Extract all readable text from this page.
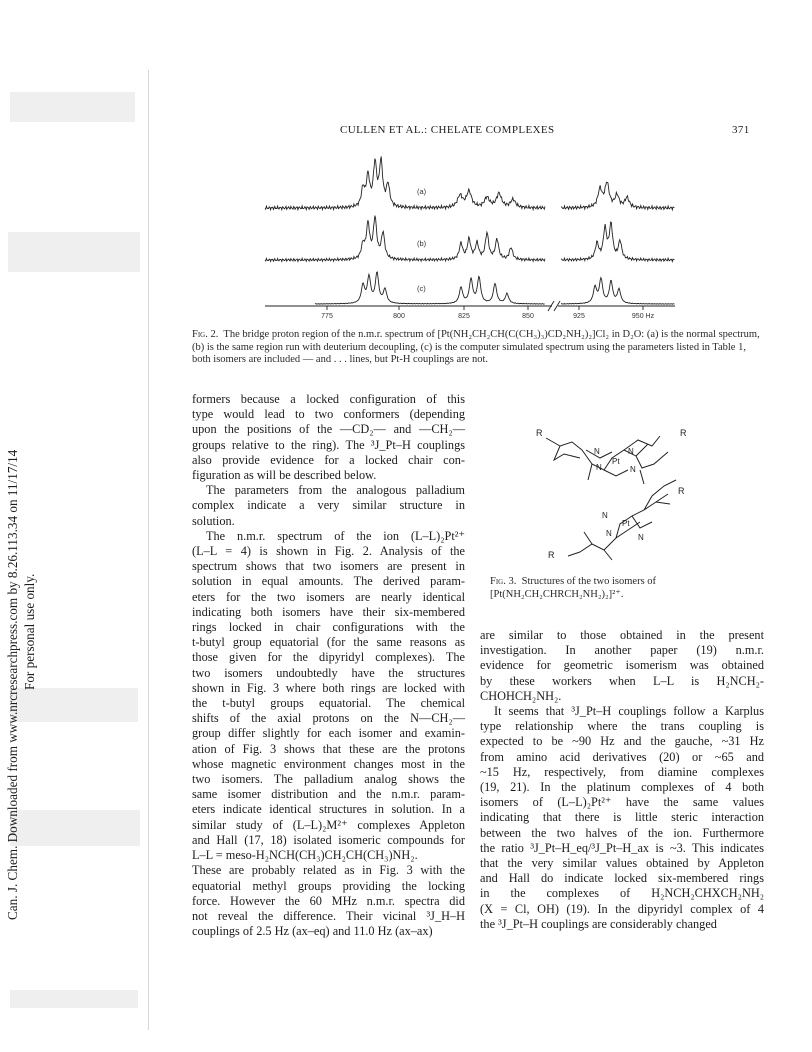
Can. J. Chem. Downloaded from www.nrcresearchpress.com by 8.26.113.34 on 11/17/14 For personal use only.
CULLEN ET AL.: CHELATE COMPLEXES	371
(a)
(b)
(c)
775	800	825	850	925	950 Hz
Fig. 2. The bridge proton region of the n.m.r. spectrum of [Pt(NH₂CH₂CH(C(CH₃)₃)CD₂NH₂)₂]Cl₂ in D₂O: (a) is the normal spectrum, (b) is the same region run with deuterium decoupling, (c) is the computer simulated spectrum using the parameters listed in Table 1, both isomers are included — and . . . lines, but Pt-H couplings are not.
formers because a locked configuration of this
type would lead to two conformers (depending
upon the positions of the —CD₂— and —CH₂—
groups relative to the ring). The ³J_Pt–H couplings
also provide evidence for a locked chair con-
figuration as will be described below.
The parameters from the analogous palladium
complex indicate a very similar structure in
solution.
The n.m.r. spectrum of the ion (L–L)₂Pt²⁺
(L–L = 4) is shown in Fig. 2. Analysis of the
spectrum shows that two isomers are present in
solution in equal amounts. The derived param-
eters for the two isomers are nearly identical
indicating both isomers have their six-membered
rings locked in chair configurations with the
t-butyl group equatorial (for the same reasons as
those given for the dipyridyl complexes). The
two isomers undoubtedly have the structures
shown in Fig. 3 where both rings are locked with
the t-butyl groups equatorial. The chemical
shifts of the axial protons on the N—CH₂—
group differ slightly for each isomer and examin-
ation of Fig. 3 shows that these are the protons
whose magnetic environment changes most in the
two isomers. The palladium analog shows the
same isomer distribution and the n.m.r. param-
eters indicate identical structures in solution. In a
similar study of (L–L)₂M²⁺ complexes Appleton
and Hall (17, 18) isolated isomeric compounds for
L–L = meso-H₂NCH(CH₃)CH₂CH(CH₃)NH₂.
These are probably related as in Fig. 3 with the
equatorial methyl groups providing the locking
force. However the 60 MHz n.m.r. spectra did
not reveal the difference. Their vicinal ³J_H–H
couplings of 2.5 Hz (ax–eq) and 11.0 Hz (ax–ax)
R	R
N	N
Pt
N	N
R
R
N
Pt
N	N
Fig. 3. Structures of the two isomers of [Pt(NH₂CH₂CHRCH₂NH₂)₂]²⁺.
are similar to those obtained in the present
investigation. In another paper (19) n.m.r.
evidence for geometric isomerism was obtained
by these workers when L–L is H₂NCH₂-
CHOHCH₂NH₂.
It seems that ³J_Pt–H couplings follow a Karplus
type relationship where the trans coupling is
expected to be ~90 Hz and the gauche, ~31 Hz
from amino acid derivatives (20) or ~65 and
~15 Hz, respectively, from diamine complexes
(19, 21). In the platinum complexes of 4 both
isomers of (L–L)₂Pt²⁺ have the same values
indicating that there is little steric interaction
between the two halves of the ion. Furthermore
the ratio ³J_Pt–H_eq/³J_Pt–H_ax is ~3. This indicates
that the very similar values obtained by Appleton
and Hall do indicate locked six-membered rings
in the complexes of H₂NCH₂CHXCH₂NH₂
(X = Cl, OH) (19). In the dipyridyl complex of 4
the ³J_Pt–H couplings are considerably changed
